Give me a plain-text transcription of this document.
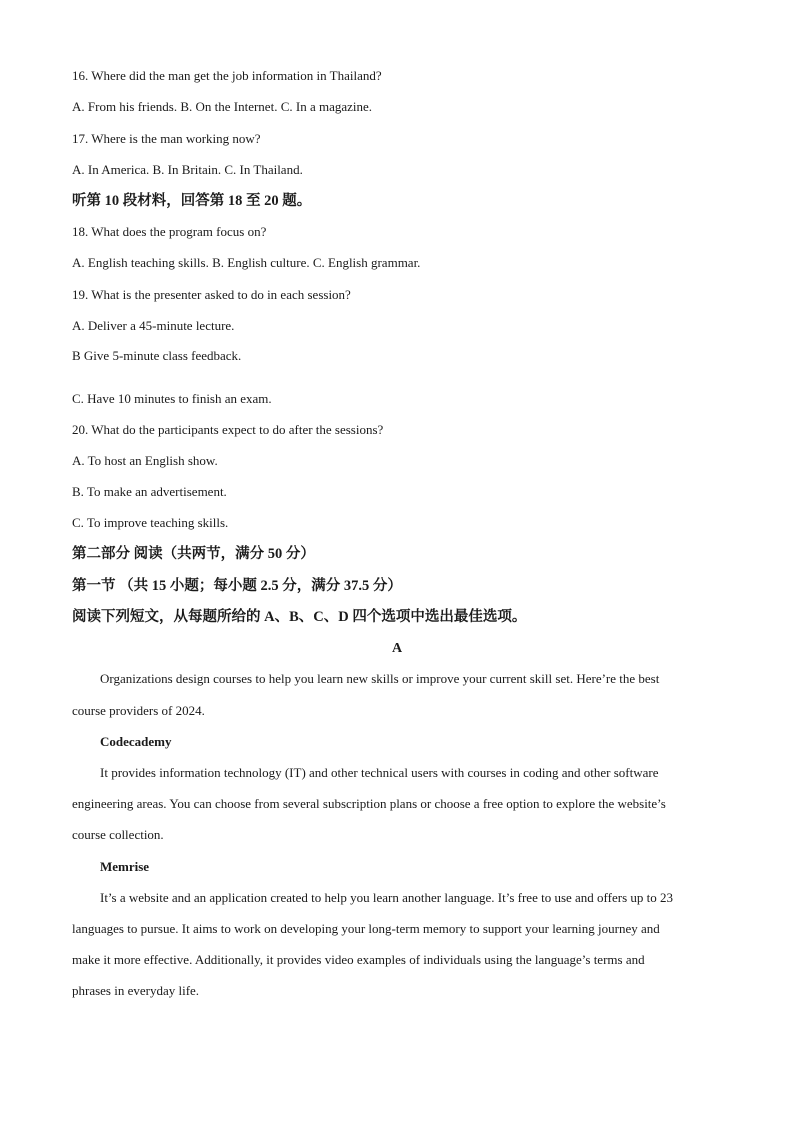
16. Where did the man get the job information in Thailand?
A. From his friends. B. On the Internet. C. In a magazine.
17. Where is the man working now?
A. In America. B. In Britain. C. In Thailand.
听第 10 段材料，回答第 18 至 20 题。
18. What does the program focus on?
A. English teaching skills. B. English culture. C. English grammar.
19. What is the presenter asked to do in each session?
A. Deliver a 45-minute lecture.
B Give 5-minute class feedback.
C. Have 10 minutes to finish an exam.
20. What do the participants expect to do after the sessions?
A. To host an English show.
B. To make an advertisement.
C. To improve teaching skills.
第二部分 阅读（共两节，满分 50 分）
第一节 （共 15 小题；每小题 2.5 分，满分 37.5 分）
阅读下列短文，从每题所给的 A、B、C、D 四个选项中选出最佳选项。
A
Organizations design courses to help you learn new skills or improve your current skill set. Here’re the best
course providers of 2024.
Codecademy
It provides information technology (IT) and other technical users with courses in coding and other software
engineering areas. You can choose from several subscription plans or choose a free option to explore the website’s
course collection.
Memrise
It’s a website and an application created to help you learn another language. It’s free to use and offers up to 23
languages to pursue. It aims to work on developing your long-term memory to support your learning journey and
make it more effective. Additionally, it provides video examples of individuals using the language’s terms and
phrases in everyday life.
